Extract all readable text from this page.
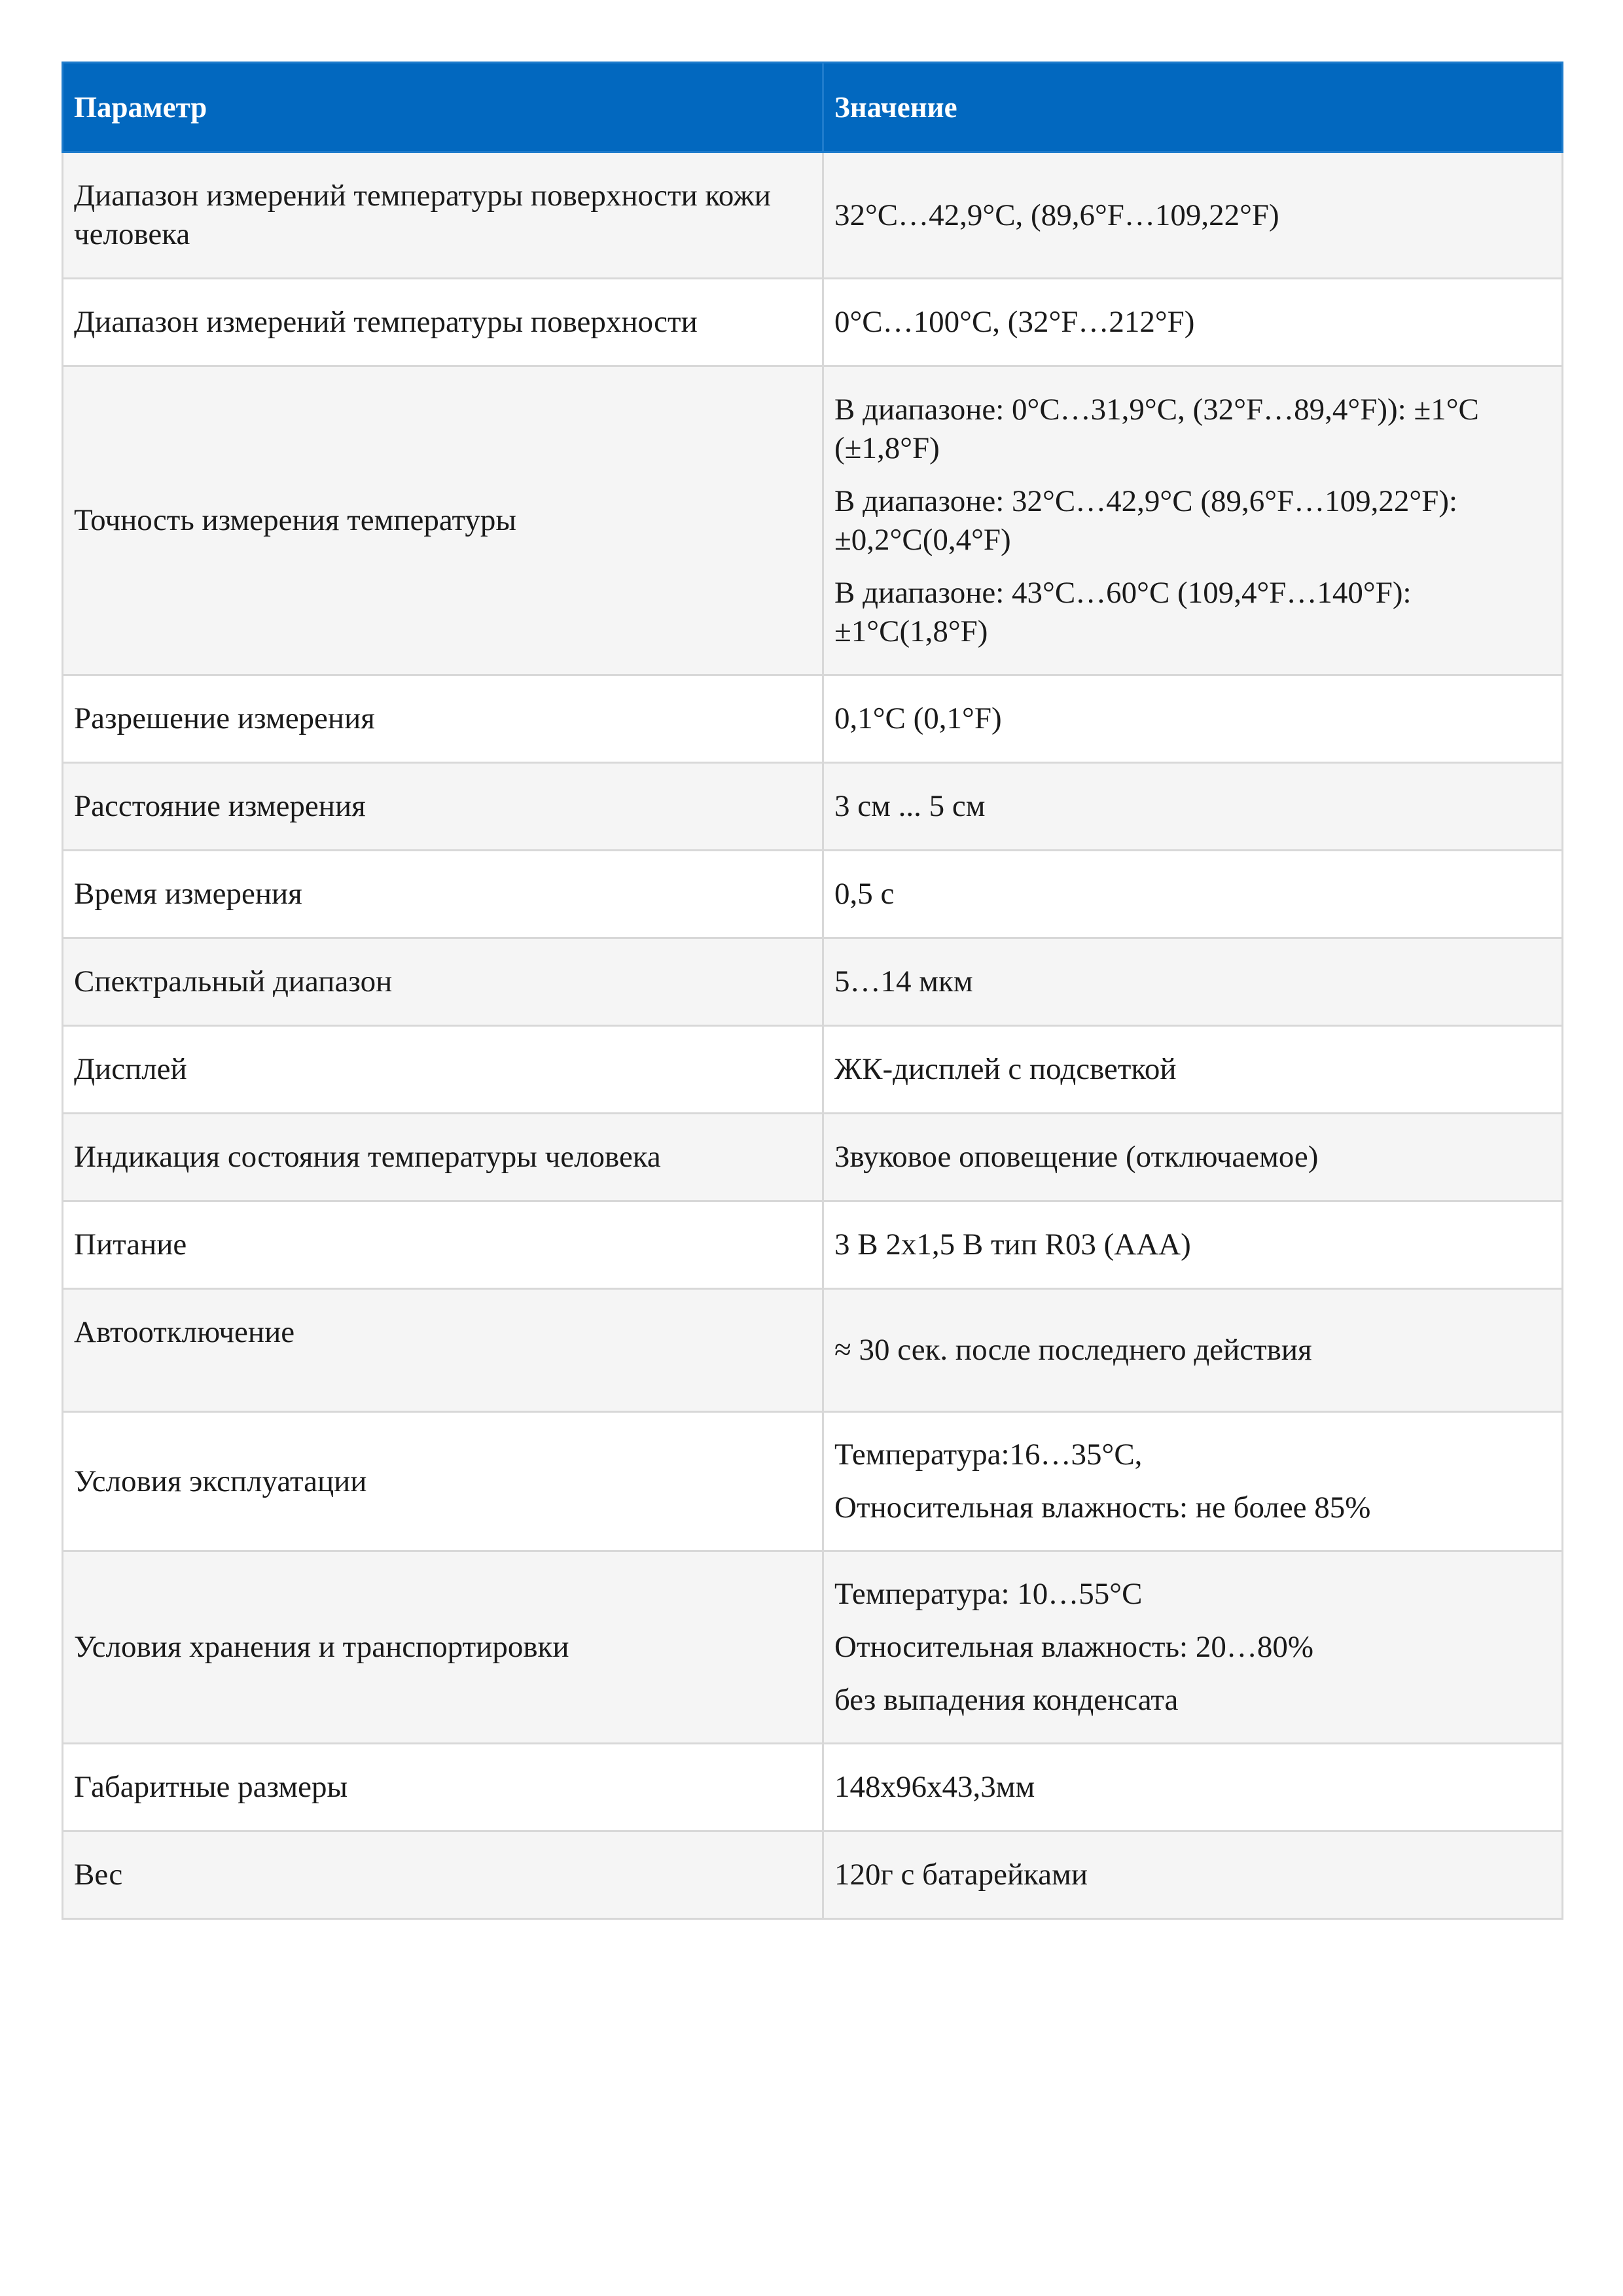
Параметр	Значение
Диапазон измерений температуры поверхности кожи человека	32°C…42,9°C, (89,6°F…109,22°F)

Диапазон измерений температуры поверхности	0°C…100°C, (32°F…212°F)

Точность измерения температуры	В диапазоне: 0°C…31,9°C, (32°F…89,4°F)): ±1°C (±1,8°F)
В диапазоне: 32°C…42,9°C (89,6°F…109,22°F): ±0,2°C(0,4°F)
В диапазоне: 43°C…60°C (109,4°F…140°F): ±1°C(1,8°F)

Разрешение измерения	0,1°C (0,1°F)

Расстояние измерения	3 см ... 5 см

Время измерения	0,5 с

Спектральный диапазон	5…14 мкм

Дисплей	ЖК-дисплей с подсветкой

Индикация состояния температуры человека	Звуковое оповещение (отключаемое)

Питание	3 В 2x1,5 В тип R03 (AAA)

Автоотключение	≈ 30 сек. после последнего действия

Условия эксплуатации	Температура:16…35°C,
Относительная влажность: не более 85%

Условия хранения и транспортировки	Температура: 10…55°C
Относительная влажность: 20…80%
без выпадения конденсата

Габаритные размеры	148x96x43,3мм

Вес	120г с батарейками
